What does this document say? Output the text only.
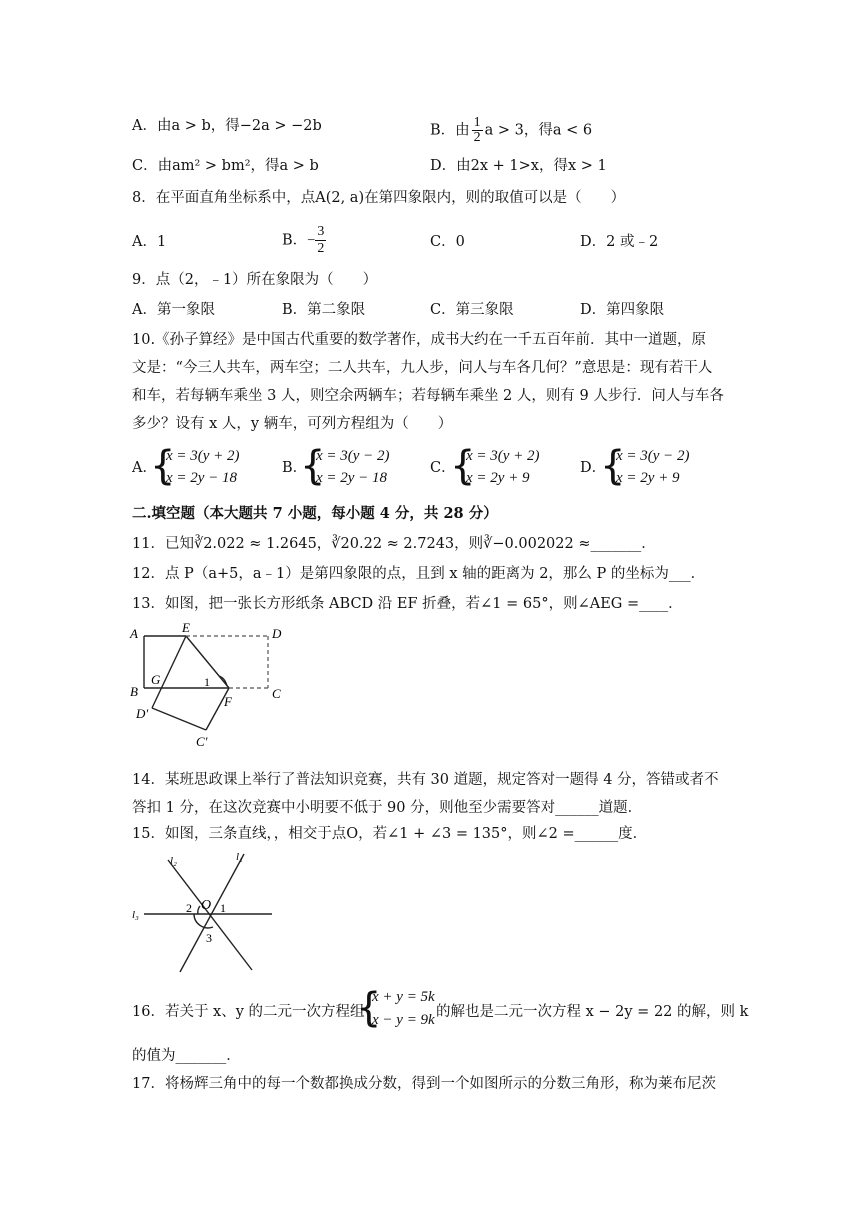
A．由a > b，得−2a > −2b	B．由 $\frac{1}{2}$ a > 3，得a < 6
C．由am² > bm²，得a > b	D．由2x + 1>x，得x > 1
8．在平面直角坐标系中，点A(2, a)在第四象限内，则的取值可以是（　　）
A．1	B．− $\frac{3}{2}$	C．0	D．2 或﹣2
9．点（2，﹣1）所在象限为（　　）
A．第一象限	B．第二象限	C．第三象限	D．第四象限
10.《孙子算经》是中国古代重要的数学著作，成书大约在一千五百年前．其中一道题，原
文是：“今三人共车，两车空；二人共车，九人步，问人与车各几何？”意思是：现有若干人
和车，若每辆车乘坐 3 人，则空余两辆车；若每辆车乘坐 2 人，则有 9 人步行．问人与车各
多少？设有 x 人，y 辆车，可列方程组为（　　）
A．
{
x = 3(y + 2)
x = 2y − 18
B．
{
x = 3(y − 2)
x = 2y − 18
C．
{
x = 3(y + 2)
x = 2y + 9
D．
{
x = 3(y − 2)
x = 2y + 9
二.填空题（本大题共 7 小题，每小题 4 分，共 28 分）
11．已知∛2.022 ≈ 1.2645，∛20.22 ≈ 2.7243，则∛−0.002022 ≈_______．
12．点 P（a+5，a﹣1）是第四象限的点，且到 x 轴的距离为 2，那么 P 的坐标为___．
13．如图，把一张长方形纸条 ABCD 沿 EF 折叠，若∠1 = 65°，则∠AEG =____．
A	E	D
B
G	1
C
D′
F
C′
14．某班思政课上举行了普法知识竞赛，共有 30 道题，规定答对一题得 4 分，答错或者不
答扣 1 分，在这次竞赛中小明要不低于 90 分，则他至少需要答对______道题．
15．如图，三条直线，，相交于点O，若∠1 + ∠3 = 135°，则∠2 =______度．
l₂	l₁
l₃
O
2 1
3
16．若关于 x、y 的二元一次方程组
{
x + y = 5k
x − y = 9k 的解也是二元一次方程 x − 2y = 22 的解，则 k
的值为_______．
17．将杨辉三角中的每一个数都换成分数，得到一个如图所示的分数三角形，称为莱布尼茨
